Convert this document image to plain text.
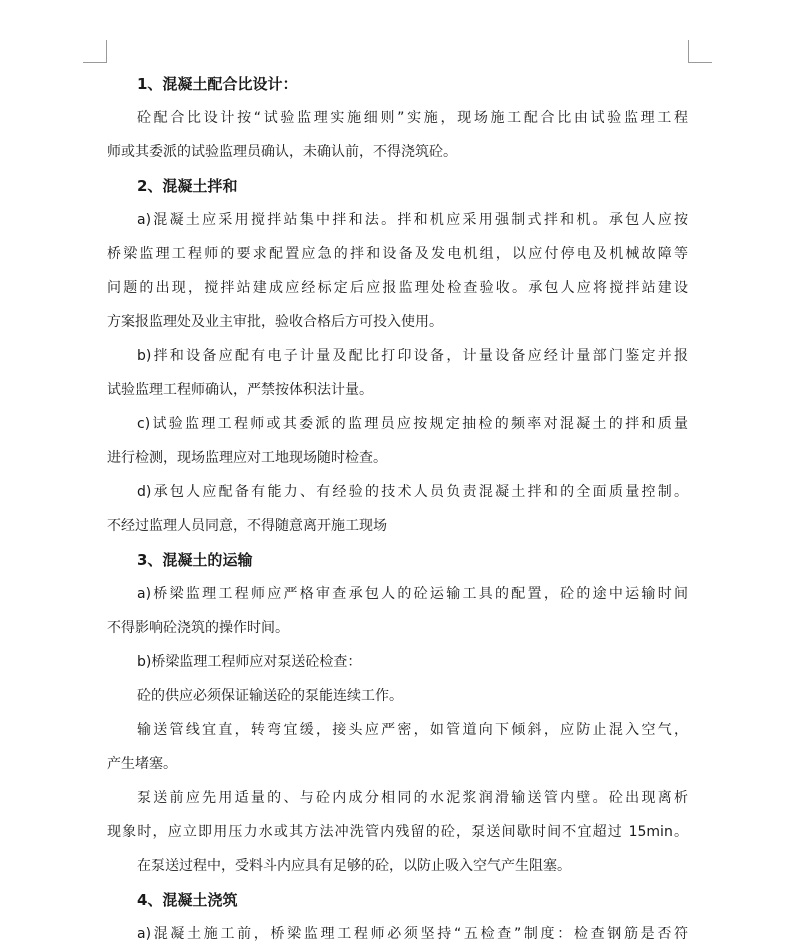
1、混凝土配合比设计：
砼配合比设计按“试验监理实施细则”实施，现场施工配合比由试验监理工程
师或其委派的试验监理员确认，未确认前，不得浇筑砼。
2、混凝土拌和
a)混凝土应采用搅拌站集中拌和法。拌和机应采用强制式拌和机。承包人应按
桥梁监理工程师的要求配置应急的拌和设备及发电机组，以应付停电及机械故障等
问题的出现，搅拌站建成应经标定后应报监理处检查验收。承包人应将搅拌站建设
方案报监理处及业主审批，验收合格后方可投入使用。
b)拌和设备应配有电子计量及配比打印设备，计量设备应经计量部门鉴定并报
试验监理工程师确认，严禁按体积法计量。
c)试验监理工程师或其委派的监理员应按规定抽检的频率对混凝土的拌和质量
进行检测，现场监理应对工地现场随时检查。
d)承包人应配备有能力、有经验的技术人员负责混凝土拌和的全面质量控制。
不经过监理人员同意，不得随意离开施工现场
3、混凝土的运输
a)桥梁监理工程师应严格审查承包人的砼运输工具的配置，砼的途中运输时间
不得影响砼浇筑的操作时间。
b)桥梁监理工程师应对泵送砼检查：
砼的供应必须保证输送砼的泵能连续工作。
输送管线宜直，转弯宜缓，接头应严密，如管道向下倾斜，应防止混入空气，
产生堵塞。
泵送前应先用适量的、与砼内成分相同的水泥浆润滑输送管内壁。砼出现离析
现象时，应立即用压力水或其方法冲洗管内残留的砼，泵送间歇时间不宜超过 15min。
在泵送过程中，受料斗内应具有足够的砼，以防止吸入空气产生阻塞。
4、混凝土浇筑
a)混凝土施工前，桥梁监理工程师必须坚持“五检查”制度：检查钢筋是否符
